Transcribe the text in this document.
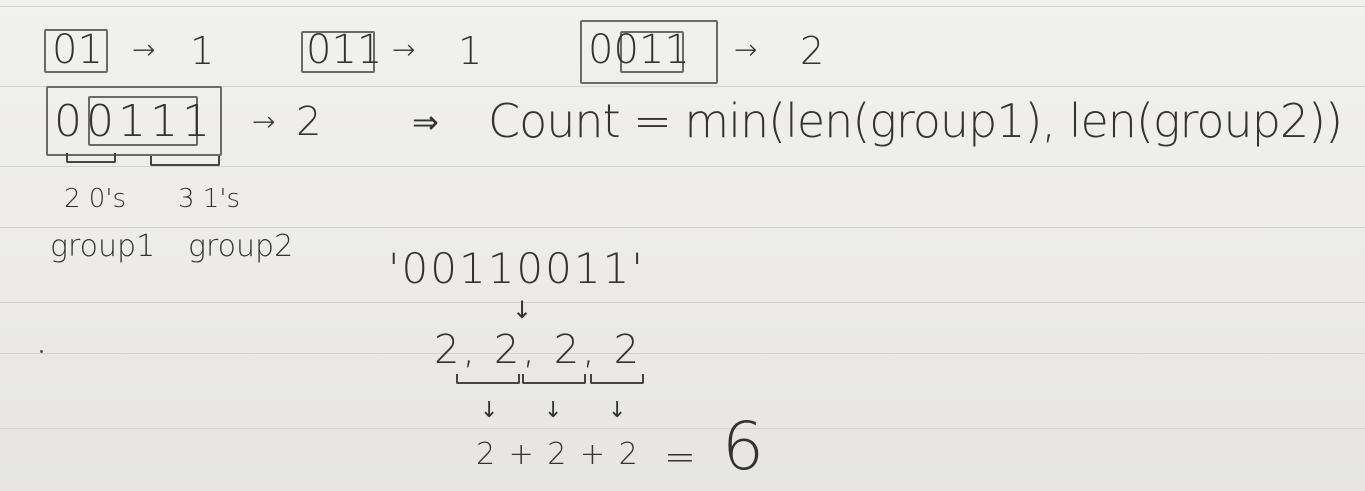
01 → 1 011 → 1	0011 → 2
00111 → 2	⇒ Count = min(len(group1), len(group2))
2 0's 3 1's
group1 group2 '00110011'
↓
2, 2, 2, 2
↓ ↓ ↓
2 + 2 + 2 = 6
